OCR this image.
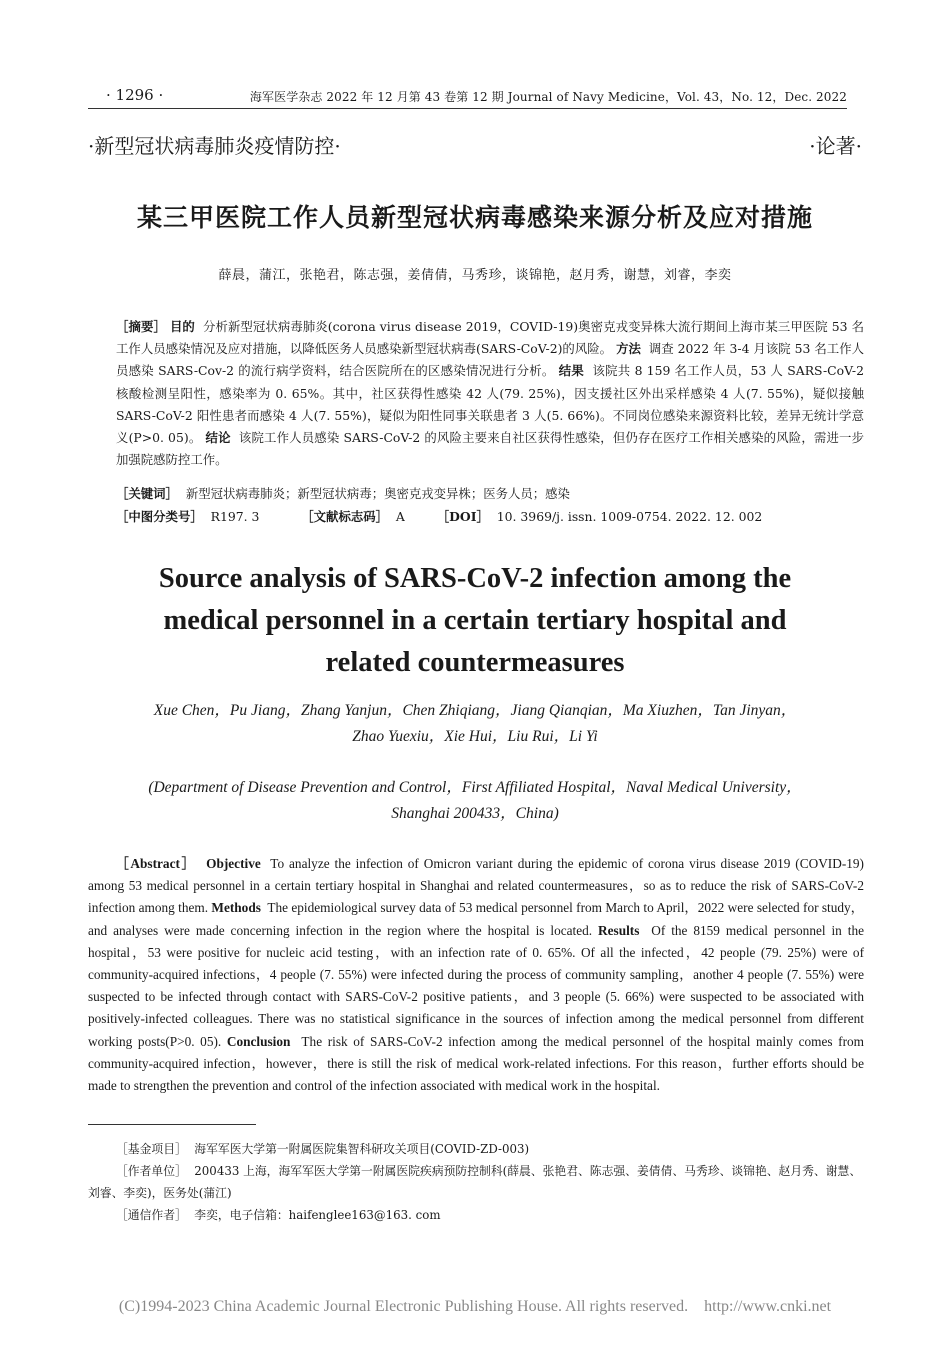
· 1296 ·	海军医学杂志 2022 年 12 月第 43 卷第 12 期 Journal of Navy Medicine，Vol. 43，No. 12，Dec. 2022
·新型冠状病毒肺炎疫情防控·	·论著·
某三甲医院工作人员新型冠状病毒感染来源分析及应对措施
薛晨，蒲江，张艳君，陈志强，姜倩倩，马秀珍，谈锦艳，赵月秀，谢慧，刘睿，李奕
［摘要］ 目的 分析新型冠状病毒肺炎(corona virus disease 2019，COVID-19)奥密克戎变异株大流行期间上海市某三甲医院 53 名工作人员感染情况及应对措施，以降低医务人员感染新型冠状病毒(SARS-CoV-2)的风险。 方法 调查 2022 年 3-4 月该院 53 名工作人员感染 SARS-Cov-2 的流行病学资料，结合医院所在的区感染情况进行分析。 结果 该院共 8 159 名工作人员，53 人 SARS-CoV-2 核酸检测呈阳性，感染率为 0. 65%。其中，社区获得性感染 42 人(79. 25%)，因支援社区外出采样感染 4 人(7. 55%)，疑似接触 SARS-CoV-2 阳性患者而感染 4 人(7. 55%)，疑似为阳性同事关联患者 3 人(5. 66%)。不同岗位感染来源资料比较，差异无统计学意义(P>0. 05)。 结论 该院工作人员感染 SARS-CoV-2 的风险主要来自社区获得性感染，但仍存在医疗工作相关感染的风险，需进一步加强院感防控工作。
［关键词］ 新型冠状病毒肺炎；新型冠状病毒；奥密克戎变异株；医务人员；感染
［中图分类号］ R197. 3	［文献标志码］ A	［DOI］ 10. 3969/j. issn. 1009-0754. 2022. 12. 002
Source analysis of SARS-CoV-2 infection among the medical personnel in a certain tertiary hospital and related countermeasures
Xue Chen，Pu Jiang，Zhang Yanjun，Chen Zhiqiang，Jiang Qianqian，Ma Xiuzhen，Tan Jinyan，
Zhao Yuexiu，Xie Hui，Liu Rui，Li Yi
(Department of Disease Prevention and Control，First Affiliated Hospital，Naval Medical University，
Shanghai 200433，China)
［Abstract］ Objective To analyze the infection of Omicron variant during the epidemic of corona virus disease 2019 (COVID-19) among 53 medical personnel in a certain tertiary hospital in Shanghai and related countermeasures，so as to reduce the risk of SARS-CoV-2 infection among them. Methods The epidemiological survey data of 53 medical personnel from March to April，2022 were selected for study，and analyses were made concerning infection in the region where the hospital is located. Results Of the 8159 medical personnel in the hospital，53 were positive for nucleic acid testing，with an infection rate of 0. 65%. Of all the infected，42 people (79. 25%) were of community-acquired infections，4 people (7. 55%) were infected during the process of community sampling，another 4 people (7. 55%) were suspected to be infected through contact with SARS-CoV-2 positive patients，and 3 people (5. 66%) were suspected to be associated with positively-infected colleagues. There was no statistical significance in the sources of infection among the medical personnel from different working posts(P>0. 05). Conclusion The risk of SARS-CoV-2 infection among the medical personnel of the hospital mainly comes from community-acquired infection，however，there is still the risk of medical work-related infections. For this reason，further efforts should be made to strengthen the prevention and control of the infection associated with medical work in the hospital.

［基金项目］ 海军军医大学第一附属医院集智科研攻关项目(COVID-ZD-003)

［作者单位］ 200433 上海，海军军医大学第一附属医院疾病预防控制科(薛晨、张艳君、陈志强、姜倩倩、马秀珍、谈锦艳、赵月秀、谢慧、刘睿、李奕)，医务处(蒲江)

［通信作者］ 李奕，电子信箱：haifenglee163@163. com

(C)1994-2023 China Academic Journal Electronic Publishing House. All rights reserved.    http://www.cnki.net
